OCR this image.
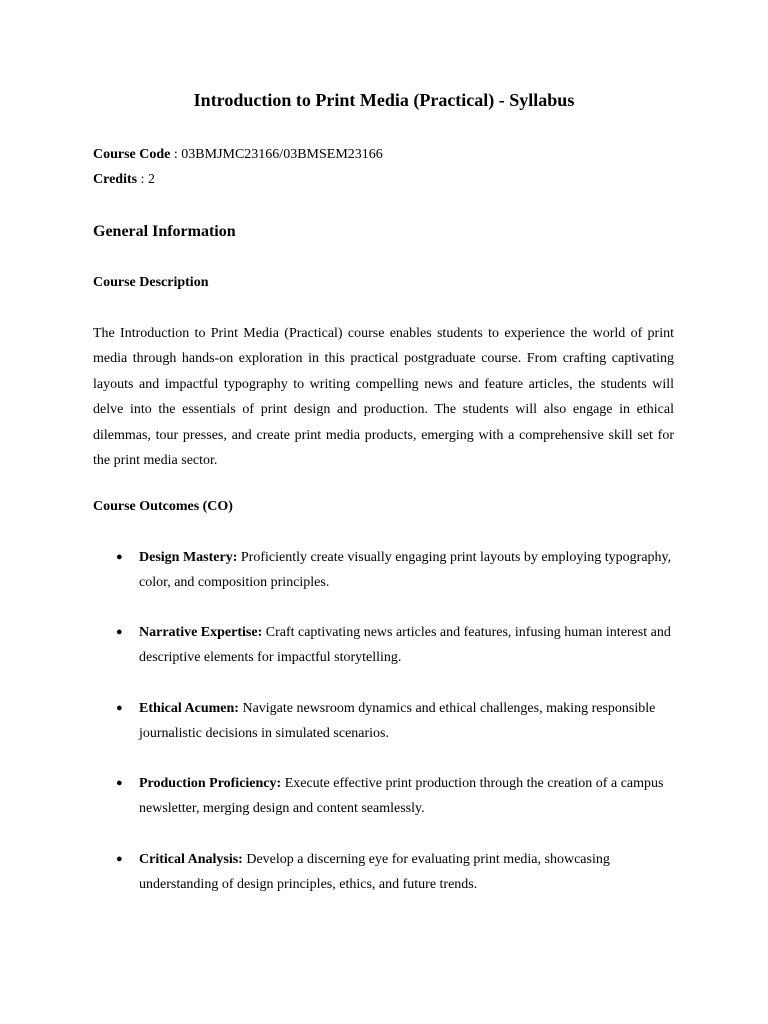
Introduction to Print Media (Practical) - Syllabus
Course Code : 03BMJMC23166/03BMSEM23166
Credits : 2
General Information
Course Description

The Introduction to Print Media (Practical) course enables students to experience the world of print media through hands-on exploration in this practical postgraduate course. From crafting captivating layouts and impactful typography to writing compelling news and feature articles, the students will delve into the essentials of print design and production. The students will also engage in ethical dilemmas, tour presses, and create print media products, emerging with a comprehensive skill set for the print media sector.

Course Outcomes (CO)
●	Design Mastery: Proficiently create visually engaging print layouts by employing typography, color, and composition principles.
●	Narrative Expertise: Craft captivating news articles and features, infusing human interest and descriptive elements for impactful storytelling.
●	Ethical Acumen: Navigate newsroom dynamics and ethical challenges, making responsible journalistic decisions in simulated scenarios.
●	Production Proficiency: Execute effective print production through the creation of a campus newsletter, merging design and content seamlessly.
●	Critical Analysis: Develop a discerning eye for evaluating print media, showcasing understanding of design principles, ethics, and future trends.
